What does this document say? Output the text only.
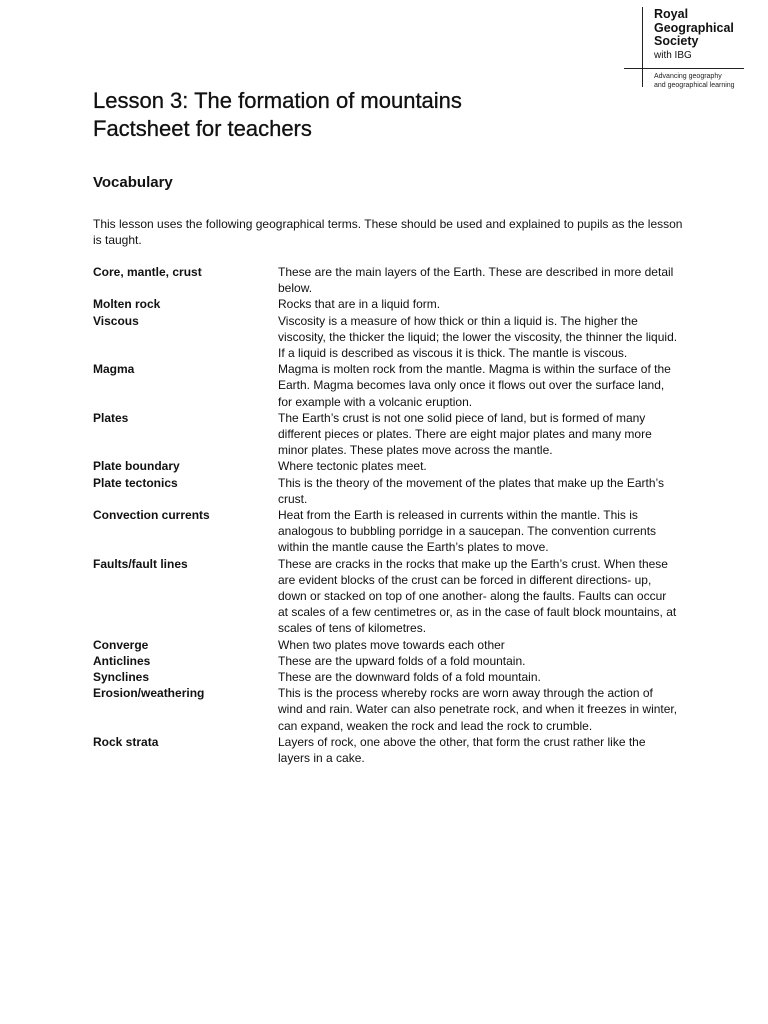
Royal
Geographical
Society
with IBG
Advancing geography
and geographical learning
Lesson 3: The formation of mountains
Factsheet for teachers
Vocabulary
This lesson uses the following geographical terms. These should be used and explained to pupils as the lesson is taught.
Core, mantle, crust	These are the main layers of the Earth. These are described in more detail below.
Molten rock	Rocks that are in a liquid form.
Viscous	Viscosity is a measure of how thick or thin a liquid is. The higher the viscosity, the thicker the liquid; the lower the viscosity, the thinner the liquid. If a liquid is described as viscous it is thick. The mantle is viscous.
Magma	Magma is molten rock from the mantle. Magma is within the surface of the Earth. Magma becomes lava only once it flows out over the surface land, for example with a volcanic eruption.
Plates	The Earth’s crust is not one solid piece of land, but is formed of many different pieces or plates. There are eight major plates and many more minor plates. These plates move across the mantle.
Plate boundary	Where tectonic plates meet.
Plate tectonics	This is the theory of the movement of the plates that make up the Earth’s crust.
Convection currents	Heat from the Earth is released in currents within the mantle. This is analogous to bubbling porridge in a saucepan. The convention currents within the mantle cause the Earth’s plates to move.
Faults/fault lines	These are cracks in the rocks that make up the Earth’s crust. When these are evident blocks of the crust can be forced in different directions- up, down or stacked on top of one another- along the faults. Faults can occur at scales of a few centimetres or, as in the case of fault block mountains, at scales of tens of kilometres.
Converge	When two plates move towards each other
Anticlines	These are the upward folds of a fold mountain.
Synclines	These are the downward folds of a fold mountain.
Erosion/weathering	This is the process whereby rocks are worn away through the action of wind and rain. Water can also penetrate rock, and when it freezes in winter, can expand, weaken the rock and lead the rock to crumble.
Rock strata	Layers of rock, one above the other, that form the crust rather like the layers in a cake.
